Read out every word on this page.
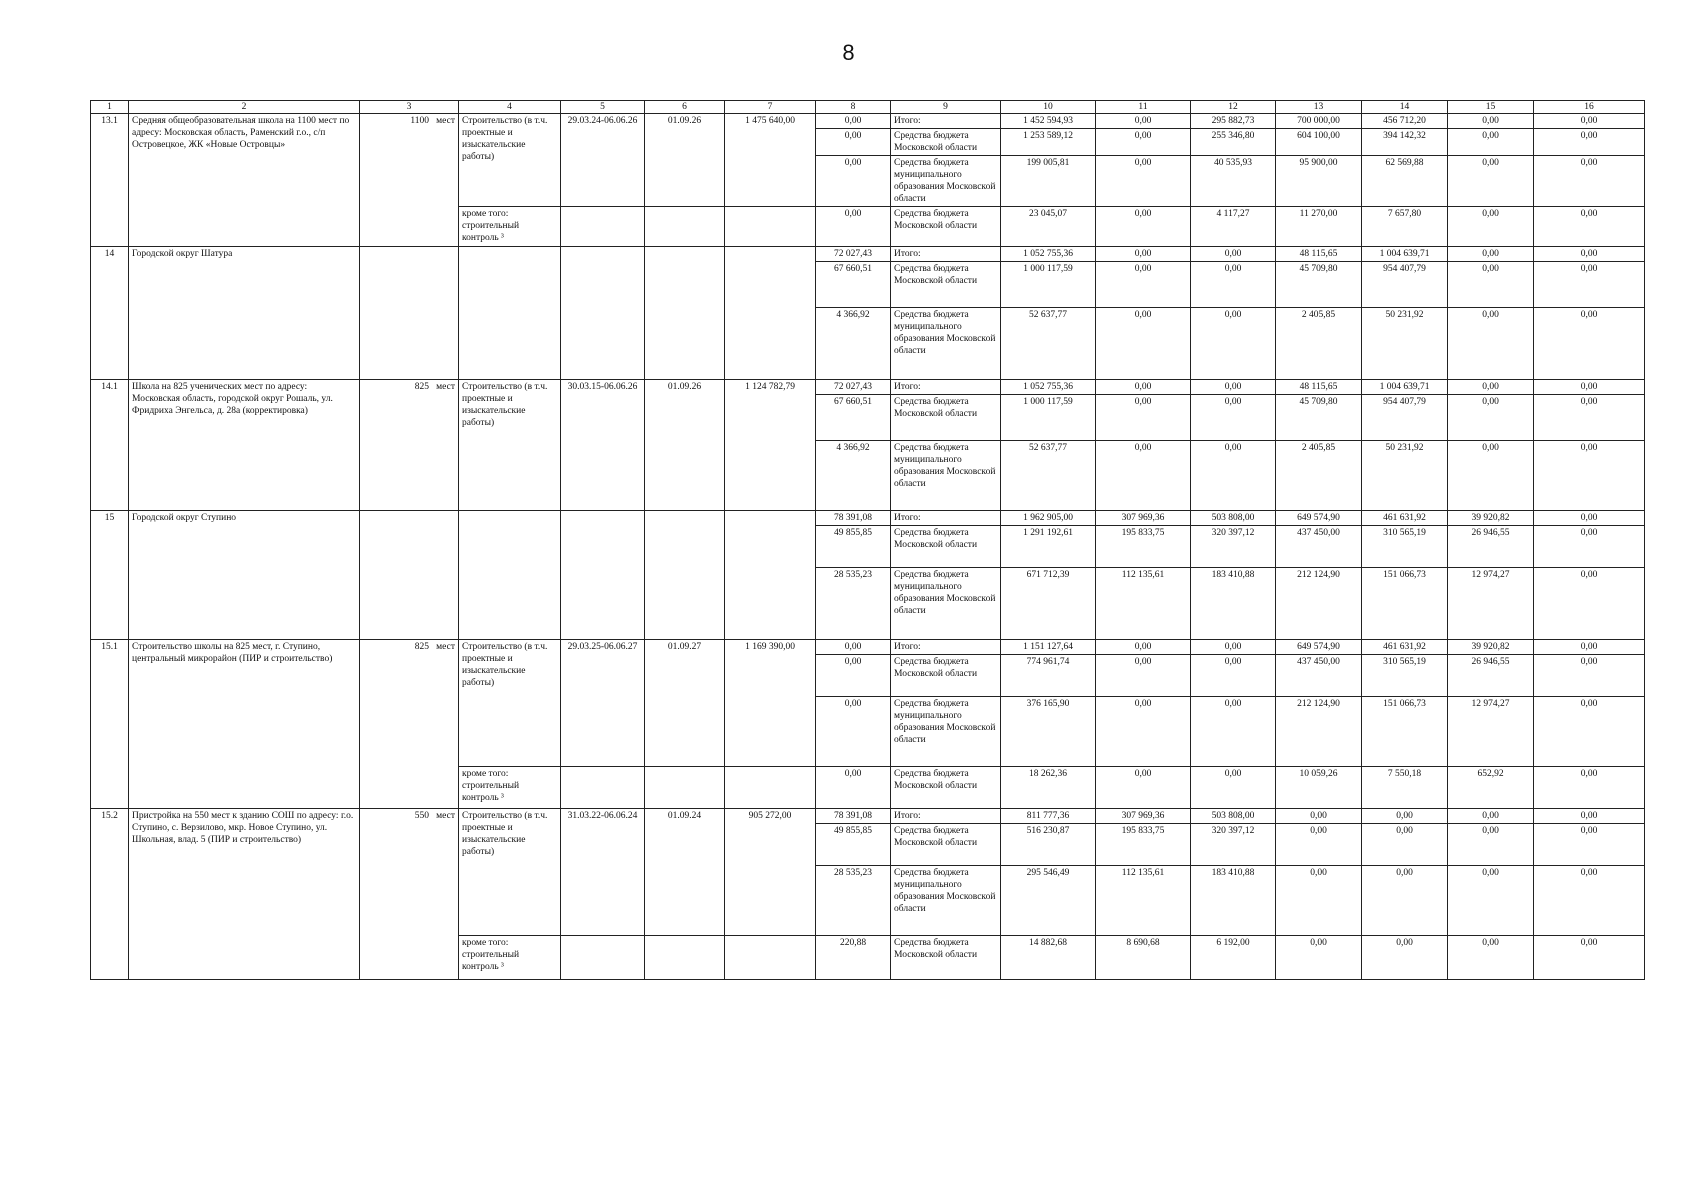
8
1	2	3	4	5	6	7	8	9	10	11	12	13	14	15	16
13.1	Средняя общеобразовательная школа на 1100 мест по адресу: Московская область, Раменский г.о., с/п Островецкое, ЖК «Новые Островцы»	1100   мест	Строительство (в т.ч. проектные и изыскательские работы)	29.03.24-06.06.26	01.09.26	1 475 640,00	0,00	Итого:	1 452 594,93	0,00	295 882,73	700 000,00	456 712,20	0,00	0,00
							0,00	Средства бюджета Московской области	1 253 589,12	0,00	255 346,80	604 100,00	394 142,32	0,00	0,00
							0,00	Средства бюджета муниципального образования Московской области	199 005,81	0,00	40 535,93	95 900,00	62 569,88	0,00	0,00
			кроме того: строительный контроль ³				0,00	Средства бюджета Московской области	23 045,07	0,00	4 117,27	11 270,00	7 657,80	0,00	0,00
14	Городской округ Шатура						72 027,43	Итого:	1 052 755,36	0,00	0,00	48 115,65	1 004 639,71	0,00	0,00
							67 660,51	Средства бюджета Московской области	1 000 117,59	0,00	0,00	45 709,80	954 407,79	0,00	0,00
							4 366,92	Средства бюджета муниципального образования Московской области	52 637,77	0,00	0,00	2 405,85	50 231,92	0,00	0,00
14.1	Школа на 825 ученических мест по адресу: Московская область, городской округ Рошаль, ул. Фридриха Энгельса, д. 28а (корректировка)	825   мест	Строительство (в т.ч. проектные и изыскательские работы)	30.03.15-06.06.26	01.09.26	1 124 782,79	72 027,43	Итого:	1 052 755,36	0,00	0,00	48 115,65	1 004 639,71	0,00	0,00
							67 660,51	Средства бюджета Московской области	1 000 117,59	0,00	0,00	45 709,80	954 407,79	0,00	0,00
							4 366,92	Средства бюджета муниципального образования Московской области	52 637,77	0,00	0,00	2 405,85	50 231,92	0,00	0,00
15	Городской округ Ступино						78 391,08	Итого:	1 962 905,00	307 969,36	503 808,00	649 574,90	461 631,92	39 920,82	0,00
							49 855,85	Средства бюджета Московской области	1 291 192,61	195 833,75	320 397,12	437 450,00	310 565,19	26 946,55	0,00
							28 535,23	Средства бюджета муниципального образования Московской области	671 712,39	112 135,61	183 410,88	212 124,90	151 066,73	12 974,27	0,00
15.1	Строительство школы на 825 мест, г. Ступино, центральный микрорайон (ПИР и строительство)	825   мест	Строительство (в т.ч. проектные и изыскательские работы)	29.03.25-06.06.27	01.09.27	1 169 390,00	0,00	Итого:	1 151 127,64	0,00	0,00	649 574,90	461 631,92	39 920,82	0,00
							0,00	Средства бюджета Московской области	774 961,74	0,00	0,00	437 450,00	310 565,19	26 946,55	0,00
							0,00	Средства бюджета муниципального образования Московской области	376 165,90	0,00	0,00	212 124,90	151 066,73	12 974,27	0,00
			кроме того: строительный контроль ³				0,00	Средства бюджета Московской области	18 262,36	0,00	0,00	10 059,26	7 550,18	652,92	0,00
15.2	Пристройка на 550 мест к зданию СОШ по адресу: г.о. Ступино, с. Верзилово, мкр. Новое Ступино, ул. Школьная, влад. 5 (ПИР и строительство)	550   мест	Строительство (в т.ч. проектные и изыскательские работы)	31.03.22-06.06.24	01.09.24	905 272,00	78 391,08	Итого:	811 777,36	307 969,36	503 808,00	0,00	0,00	0,00	0,00
							49 855,85	Средства бюджета Московской области	516 230,87	195 833,75	320 397,12	0,00	0,00	0,00	0,00
							28 535,23	Средства бюджета муниципального образования Московской области	295 546,49	112 135,61	183 410,88	0,00	0,00	0,00	0,00
			кроме того: строительный контроль ³				220,88	Средства бюджета Московской области	14 882,68	8 690,68	6 192,00	0,00	0,00	0,00	0,00
